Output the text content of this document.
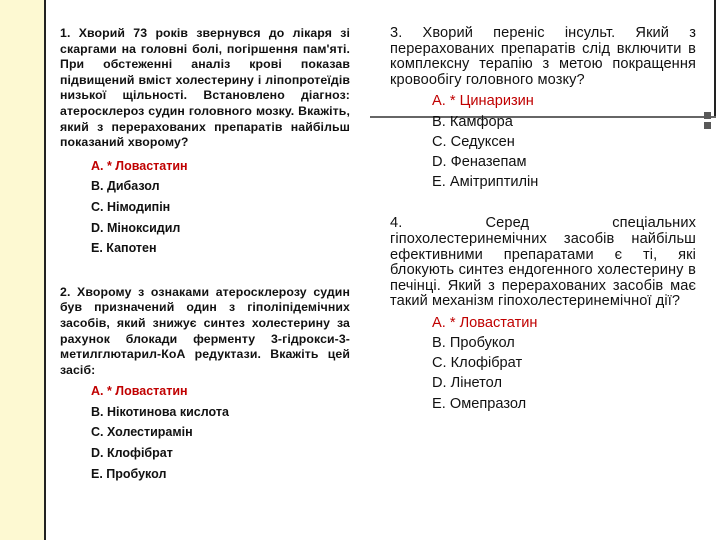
1. Хворий 73 років звернувся до лікаря зі скаргами на головні болі, погіршення пам'яті. При обстеженні аналіз крові показав підвищений вміст холестерину і ліпопротеїдів низької щільності. Встановлено діагноз: атеросклероз судин головного мозку. Вкажіть, який з перерахованих препаратів найбільш показаний хворому?
A. * Ловастатин
B. Дибазол
C. Німодипін
D. Міноксидил
E. Капотен
2. Хворому з ознаками атеросклерозу судин був призначений один з гіполіпідемічних засобів, який знижує синтез холестерину за рахунок блокади ферменту 3-гідрокси-3-метилглютарил-КоА редуктази. Вкажіть цей засіб:
A. * Ловастатин
B. Нікотинова кислота
C. Холестирамін
D. Клофібрат
E. Пробукол
3. Хворий переніс інсульт. Який з перерахованих препаратів слід включити в комплексну терапію з метою покращення кровообігу головного мозку?
A. * Цинаризин
B. Камфора
C. Седуксен
D. Феназепам
E. Амітриптилін
4. Серед спеціальних гіпохолестеринемічних засобів найбільш ефективними препаратами є ті, які блокують синтез ендогенного холестерину в печінці. Який з перерахованих засобів має такий механізм гіпохолестеринемічної дії?
A. * Ловастатин
B. Пробукол
C. Клофібрат
D. Лінетол
E. Омепразол
